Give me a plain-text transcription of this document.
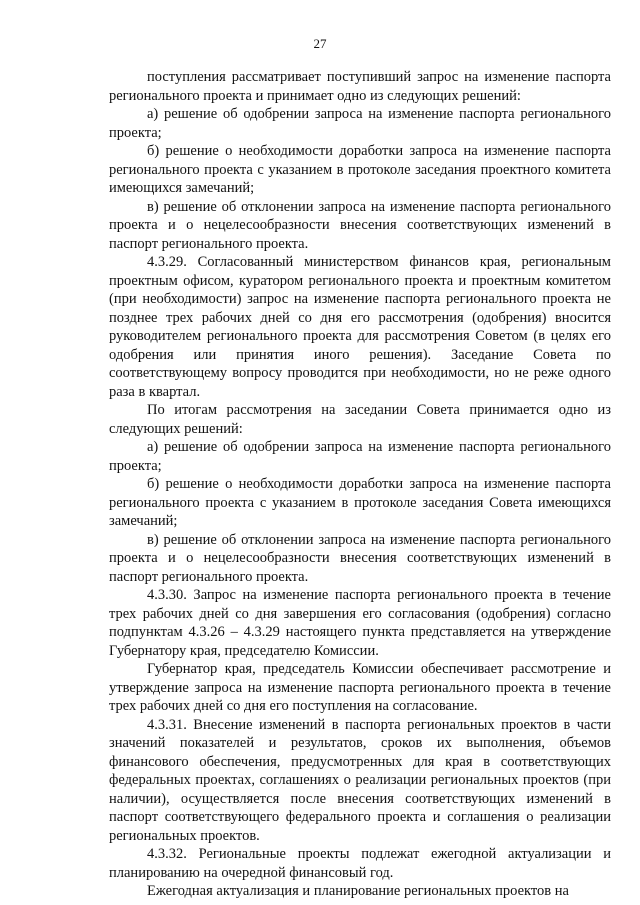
27

поступления рассматривает поступивший запрос на изменение паспорта регионального проекта и принимает одно из следующих решений:

а) решение об одобрении запроса на изменение паспорта регионального проекта;

б) решение о необходимости доработки запроса на изменение паспорта регионального проекта с указанием в протоколе заседания проектного комитета имеющихся замечаний;

в) решение об отклонении запроса на изменение паспорта регионального проекта и о нецелесообразности внесения соответствующих изменений в паспорт регионального проекта.

4.3.29. Согласованный министерством финансов края, региональным проектным офисом, куратором регионального проекта и проектным комитетом (при необходимости) запрос на изменение паспорта регионального проекта не позднее трех рабочих дней со дня его рассмотрения (одобрения) вносится руководителем регионального проекта для рассмотрения Советом (в целях его одобрения или принятия иного решения). Заседание Совета по соответствующему вопросу проводится при необходимости, но не реже одного раза в квартал.

По итогам рассмотрения на заседании Совета принимается одно из следующих решений:

а) решение об одобрении запроса на изменение паспорта регионального проекта;

б) решение о необходимости доработки запроса на изменение паспорта регионального проекта с указанием в протоколе заседания Совета имеющихся замечаний;

в) решение об отклонении запроса на изменение паспорта регионального проекта и о нецелесообразности внесения соответствующих изменений в паспорт регионального проекта.

4.3.30. Запрос на изменение паспорта регионального проекта в течение трех рабочих дней со дня завершения его согласования (одобрения) согласно подпунктам 4.3.26 – 4.3.29 настоящего пункта представляется на утверждение Губернатору края, председателю Комиссии.

Губернатор края, председатель Комиссии обеспечивает рассмотрение и утверждение запроса на изменение паспорта регионального проекта в течение трех рабочих дней со дня его поступления на согласование.

4.3.31. Внесение изменений в паспорта региональных проектов в части значений показателей и результатов, сроков их выполнения, объемов финансового обеспечения, предусмотренных для края в соответствующих федеральных проектах, соглашениях о реализации региональных проектов (при наличии), осуществляется после внесения соответствующих изменений в паспорт соответствующего федерального проекта и соглашения о реализации региональных проектов.

4.3.32. Региональные проекты подлежат ежегодной актуализации и планированию на очередной финансовый год.

Ежегодная актуализация и планирование региональных проектов на
